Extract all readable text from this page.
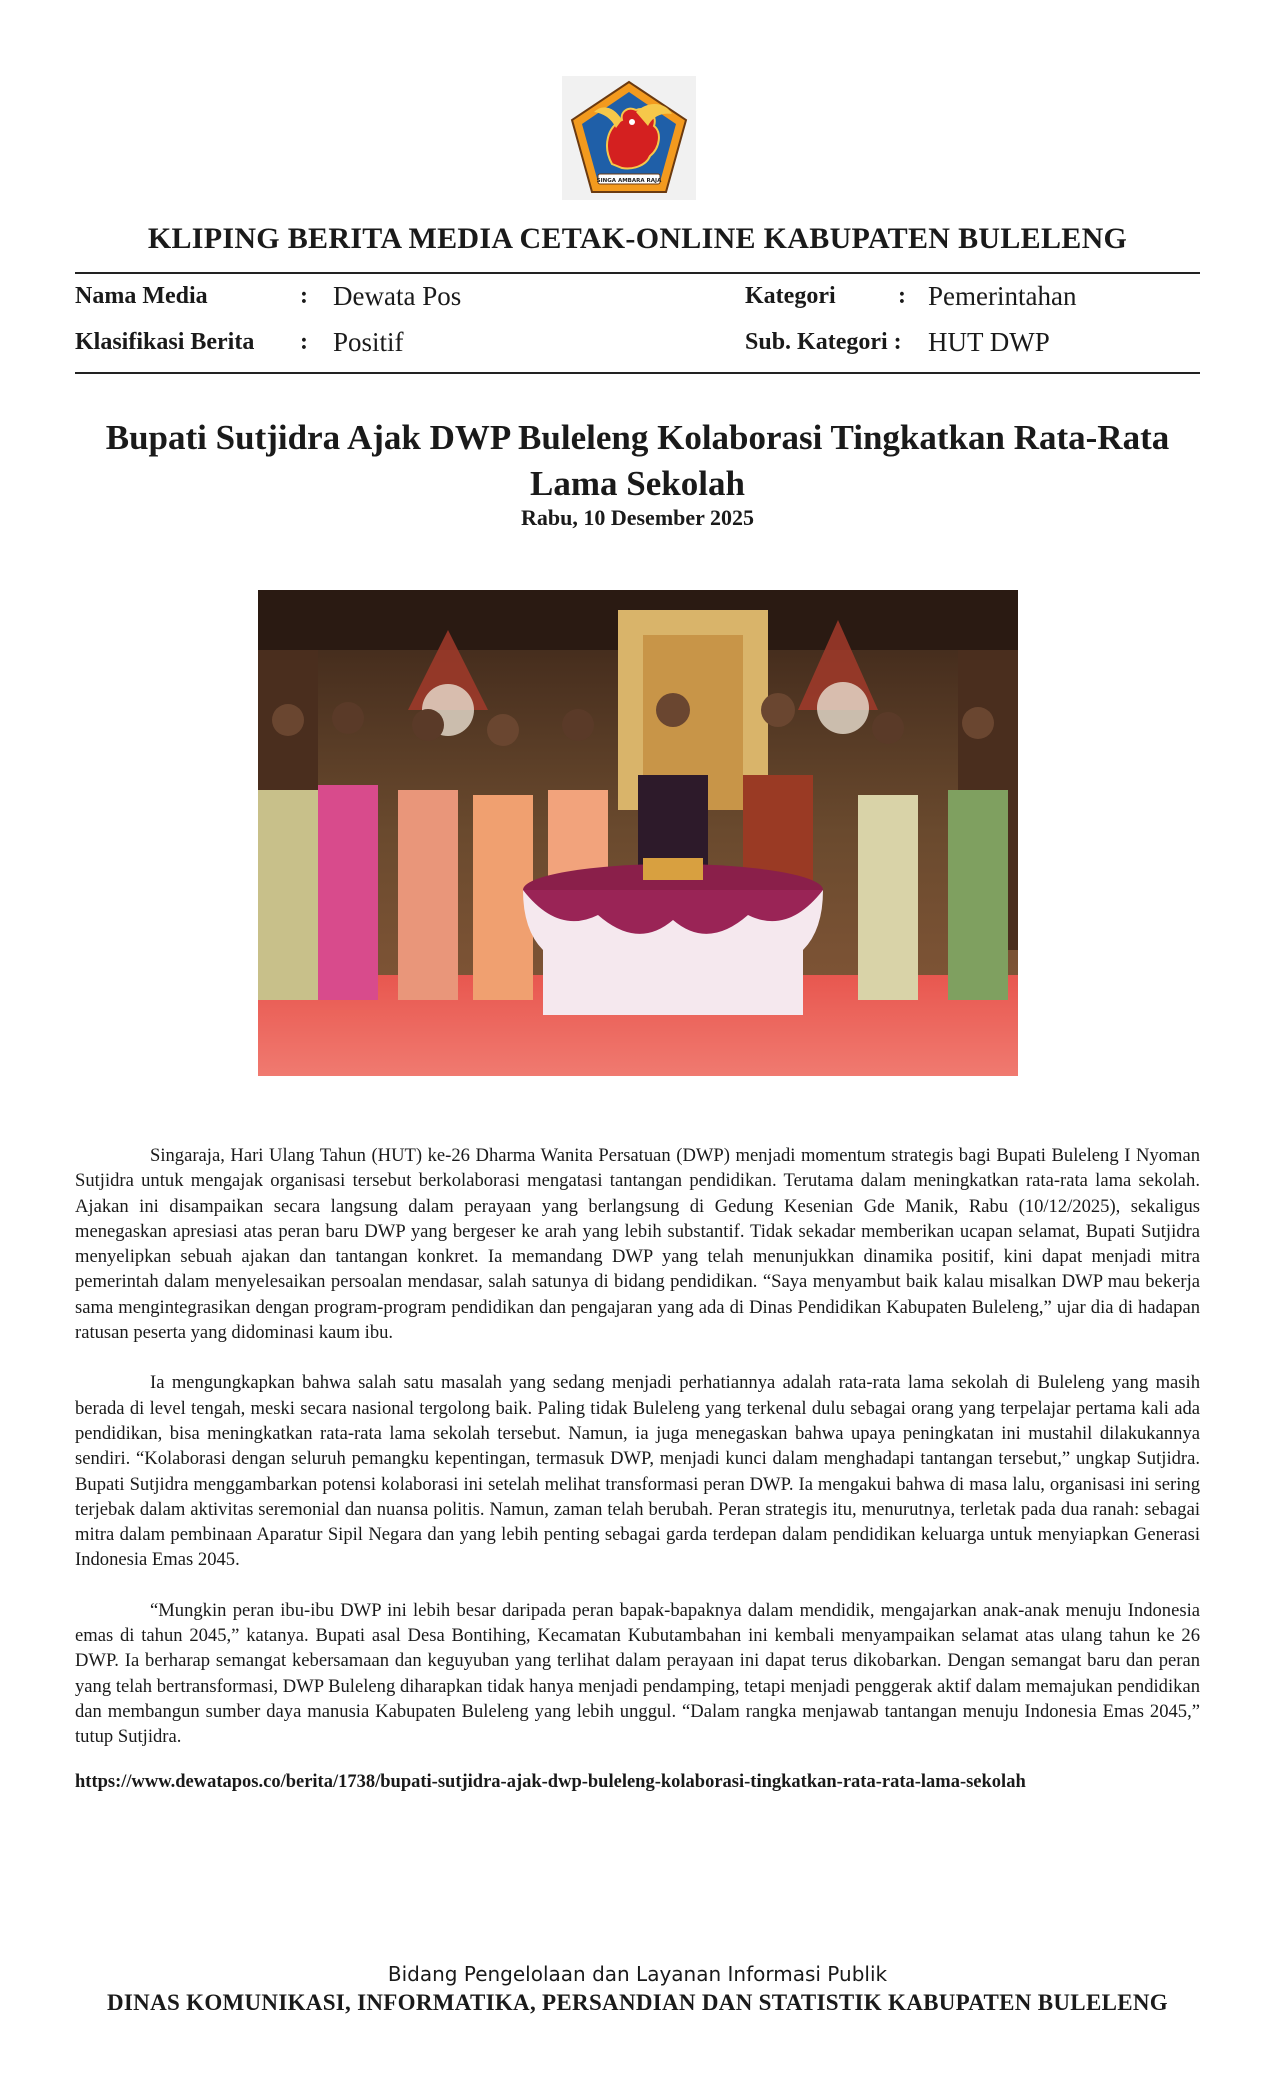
SINGA AMBARA RAJA
KLIPING BERITA MEDIA CETAK-ONLINE KABUPATEN BULELENG
Nama Media	: Dewata Pos
Klasifikasi Berita : Positif
Kategori	: Pemerintahan
Sub. Kategori : HUT DWP
Bupati Sutjidra Ajak DWP Buleleng Kolaborasi Tingkatkan Rata-Rata Lama Sekolah
Rabu, 10 Desember 2025

Singaraja, Hari Ulang Tahun (HUT) ke-26 Dharma Wanita Persatuan (DWP) menjadi momentum strategis bagi Bupati Buleleng I Nyoman Sutjidra untuk mengajak organisasi tersebut berkolaborasi mengatasi tantangan pendidikan. Terutama dalam meningkatkan rata-rata lama sekolah. Ajakan ini disampaikan secara langsung dalam perayaan yang berlangsung di Gedung Kesenian Gde Manik, Rabu (10/12/2025), sekaligus menegaskan apresiasi atas peran baru DWP yang bergeser ke arah yang lebih substantif. Tidak sekadar memberikan ucapan selamat, Bupati Sutjidra menyelipkan sebuah ajakan dan tantangan konkret. Ia memandang DWP yang telah menunjukkan dinamika positif, kini dapat menjadi mitra pemerintah dalam menyelesaikan persoalan mendasar, salah satunya di bidang pendidikan. “Saya menyambut baik kalau misalkan DWP mau bekerja sama mengintegrasikan dengan program-program pendidikan dan pengajaran yang ada di Dinas Pendidikan Kabupaten Buleleng,” ujar dia di hadapan ratusan peserta yang didominasi kaum ibu.

Ia mengungkapkan bahwa salah satu masalah yang sedang menjadi perhatiannya adalah rata-rata lama sekolah di Buleleng yang masih berada di level tengah, meski secara nasional tergolong baik. Paling tidak Buleleng yang terkenal dulu sebagai orang yang terpelajar pertama kali ada pendidikan, bisa meningkatkan rata-rata lama sekolah tersebut. Namun, ia juga menegaskan bahwa upaya peningkatan ini mustahil dilakukannya sendiri. “Kolaborasi dengan seluruh pemangku kepentingan, termasuk DWP, menjadi kunci dalam menghadapi tantangan tersebut,” ungkap Sutjidra. Bupati Sutjidra menggambarkan potensi kolaborasi ini setelah melihat transformasi peran DWP. Ia mengakui bahwa di masa lalu, organisasi ini sering terjebak dalam aktivitas seremonial dan nuansa politis. Namun, zaman telah berubah. Peran strategis itu, menurutnya, terletak pada dua ranah: sebagai mitra dalam pembinaan Aparatur Sipil Negara dan yang lebih penting sebagai garda terdepan dalam pendidikan keluarga untuk menyiapkan Generasi Indonesia Emas 2045.

“Mungkin peran ibu-ibu DWP ini lebih besar daripada peran bapak-bapaknya dalam mendidik, mengajarkan anak-anak menuju Indonesia emas di tahun 2045,” katanya. Bupati asal Desa Bontihing, Kecamatan Kubutambahan ini kembali menyampaikan selamat atas ulang tahun ke 26 DWP. Ia berharap semangat kebersamaan dan keguyuban yang terlihat dalam perayaan ini dapat terus dikobarkan. Dengan semangat baru dan peran yang telah bertransformasi, DWP Buleleng diharapkan tidak hanya menjadi pendamping, tetapi menjadi penggerak aktif dalam memajukan pendidikan dan membangun sumber daya manusia Kabupaten Buleleng yang lebih unggul. “Dalam rangka menjawab tantangan menuju Indonesia Emas 2045,” tutup Sutjidra.

https://www.dewatapos.co/berita/1738/bupati-sutjidra-ajak-dwp-buleleng-kolaborasi-tingkatkan-rata-rata-lama-sekolah
Bidang Pengelolaan dan Layanan Informasi Publik
DINAS KOMUNIKASI, INFORMATIKA, PERSANDIAN DAN STATISTIK KABUPATEN BULELENG
